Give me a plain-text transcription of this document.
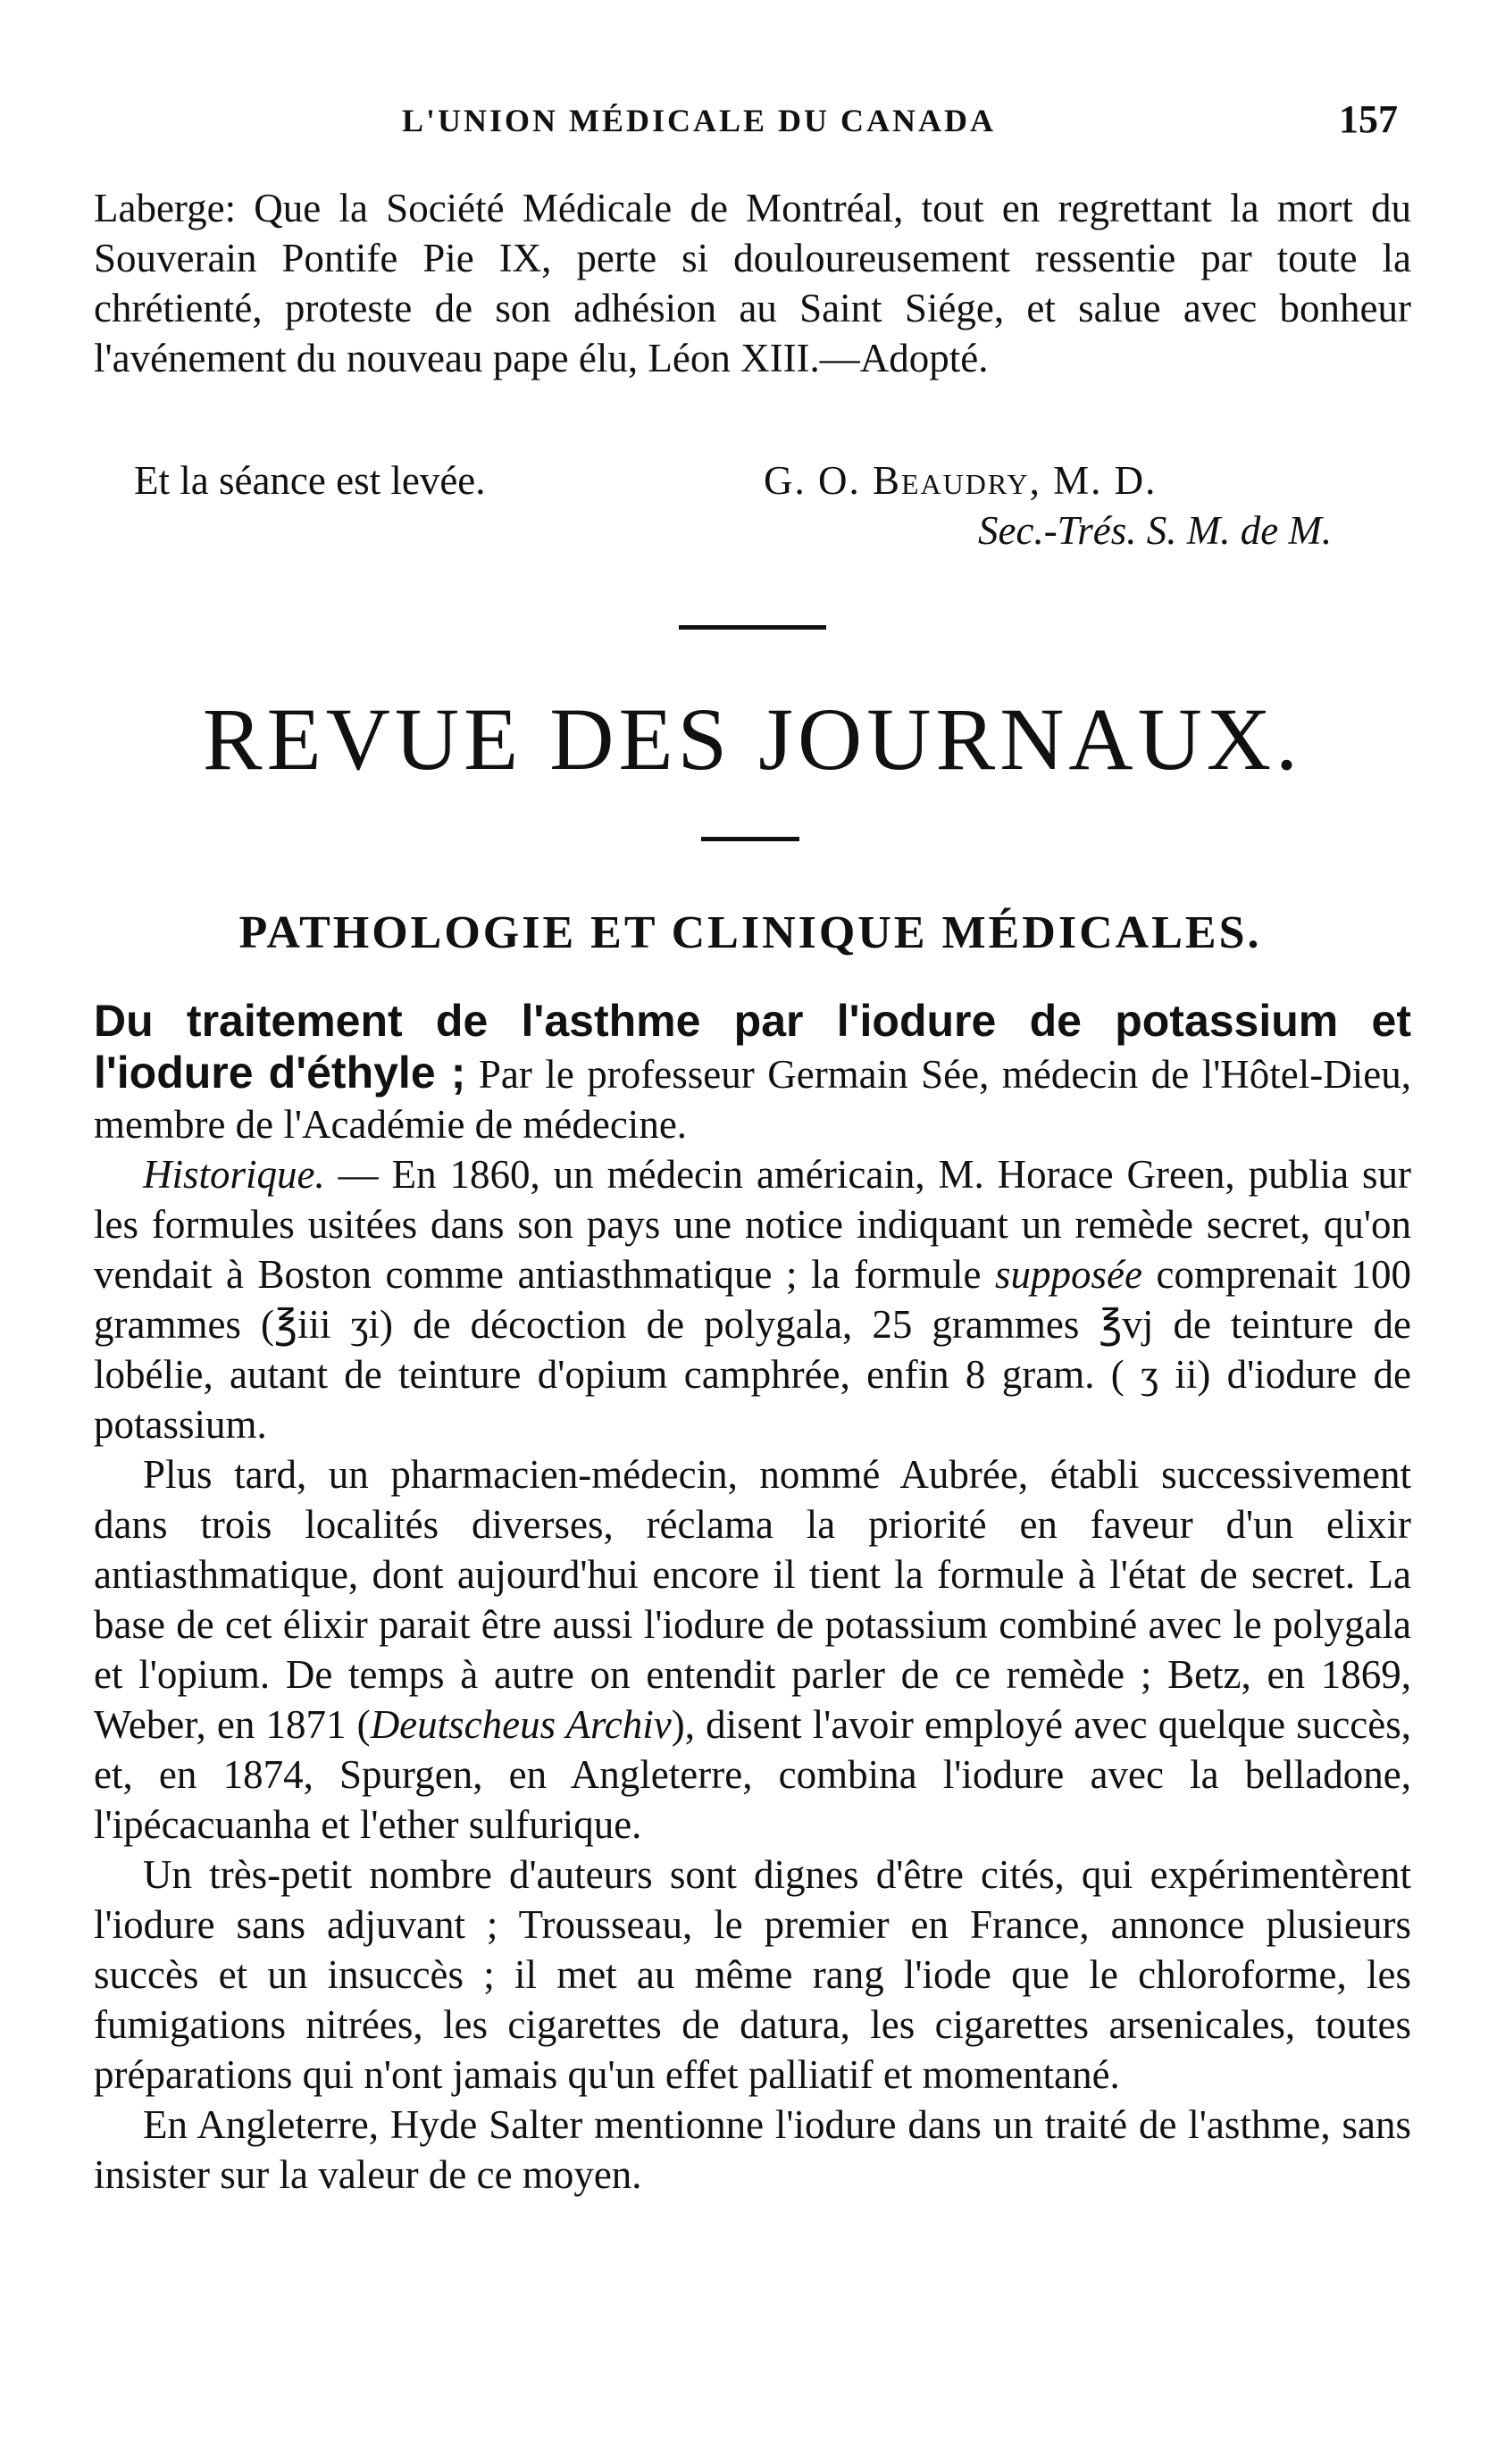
L'UNION MÉDICALE DU CANADA	157

Laberge: Que la Société Médicale de Montréal, tout en regrettant la mort du Souverain Pontife Pie IX, perte si douloureusement ressentie par toute la chrétienté, proteste de son adhésion au Saint Siége, et salue avec bonheur l'avénement du nouveau pape élu, Léon XIII.—Adopté.

Et la séance est levée.	G. O. Beaudry, M. D.
Sec.-Trés. S. M. de M.
REVUE DES JOURNAUX.
PATHOLOGIE ET CLINIQUE MÉDICALES.

Du traitement de l'asthme par l'iodure de potassium et l'iodure d'éthyle ; Par le professeur Germain Sée, médecin de l'Hôtel-Dieu, membre de l'Académie de médecine.

Historique. — En 1860, un médecin américain, M. Horace Green, publia sur les formules usitées dans son pays une notice indiquant un remède secret, qu'on vendait à Boston comme antiasthmatique ; la formule supposée comprenait 100 grammes (℥iii ʒi) de décoction de polygala, 25 grammes ℥vj de teinture de lobélie, autant de teinture d'opium camphrée, enfin 8 gram. ( ʒ ii) d'iodure de potassium.

Plus tard, un pharmacien-médecin, nommé Aubrée, établi successivement dans trois localités diverses, réclama la priorité en faveur d'un elixir antiasthmatique, dont aujourd'hui encore il tient la formule à l'état de secret. La base de cet élixir parait être aussi l'iodure de potassium combiné avec le polygala et l'opium. De temps à autre on entendit parler de ce remède ; Betz, en 1869, Weber, en 1871 (Deutscheus Archiv), disent l'avoir employé avec quelque succès, et, en 1874, Spurgen, en Angleterre, combina l'iodure avec la belladone, l'ipécacuanha et l'ether sulfurique.

Un très-petit nombre d'auteurs sont dignes d'être cités, qui expérimentèrent l'iodure sans adjuvant ; Trousseau, le premier en France, annonce plusieurs succès et un insuccès ; il met au même rang l'iode que le chloroforme, les fumigations nitrées, les cigarettes de datura, les cigarettes arsenicales, toutes préparations qui n'ont jamais qu'un effet palliatif et momentané.

En Angleterre, Hyde Salter mentionne l'iodure dans un traité de l'asthme, sans insister sur la valeur de ce moyen.
